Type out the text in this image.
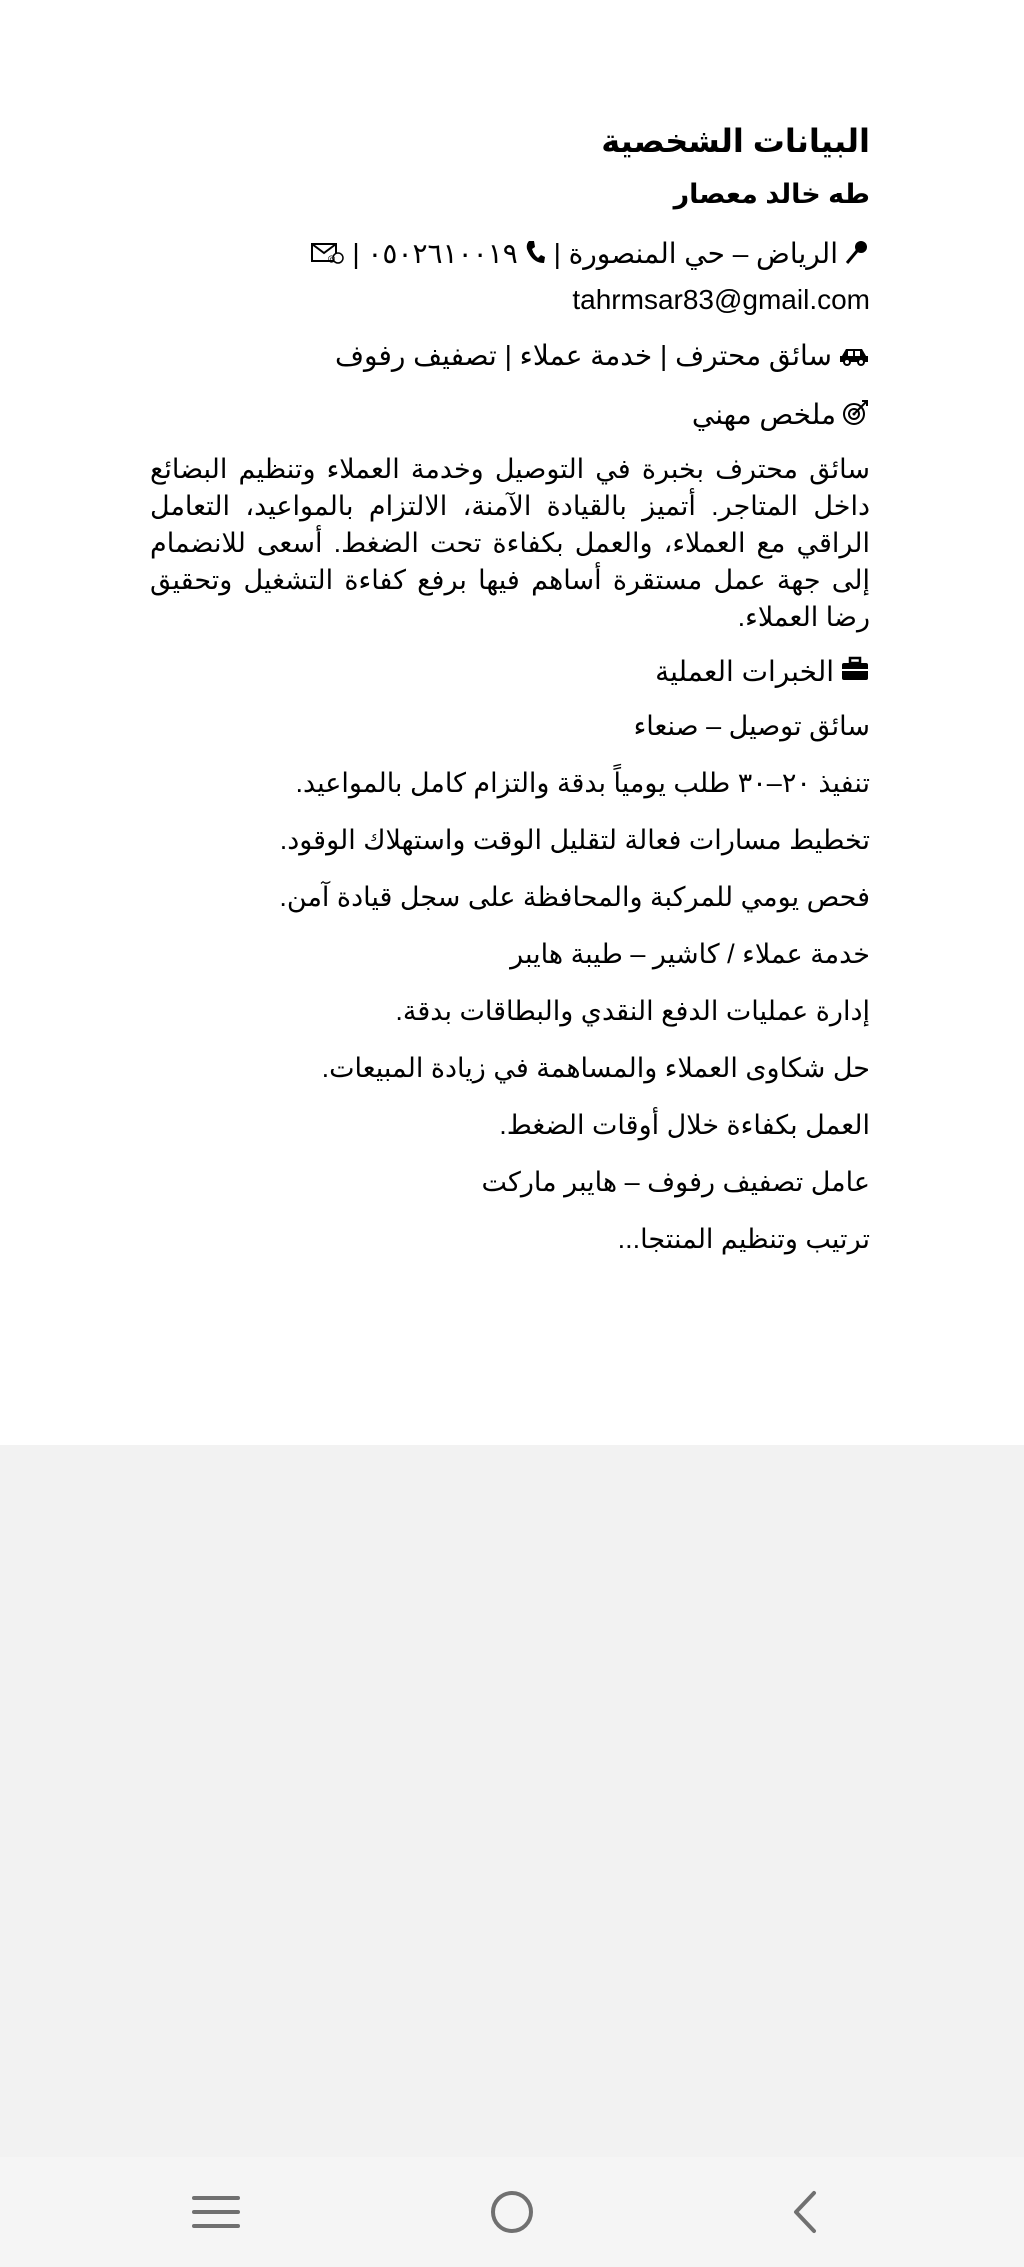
البيانات الشخصية
طه خالد معصار
الرياض – حي المنصورة | ٠٥٠٢٦١٠٠١٩ |
@
tahrmsar83@gmail.com
سائق محترف | خدمة عملاء | تصفيف رفوف
ملخص مهني
سائق محترف بخبرة في التوصيل وخدمة العملاء وتنظيم البضائع داخل المتاجر. أتميز بالقيادة الآمنة، الالتزام بالمواعيد، التعامل الراقي مع العملاء، والعمل بكفاءة تحت الضغط. أسعى للانضمام إلى جهة عمل مستقرة أساهم فيها برفع كفاءة التشغيل وتحقيق رضا العملاء.
الخبرات العملية
سائق توصيل – صنعاء
تنفيذ ٢٠–٣٠ طلب يومياً بدقة والتزام كامل بالمواعيد.
تخطيط مسارات فعالة لتقليل الوقت واستهلاك الوقود.
فحص يومي للمركبة والمحافظة على سجل قيادة آمن.
خدمة عملاء / كاشير – طيبة هايبر
إدارة عمليات الدفع النقدي والبطاقات بدقة.
حل شكاوى العملاء والمساهمة في زيادة المبيعات.
العمل بكفاءة خلال أوقات الضغط.
عامل تصفيف رفوف – هايبر ماركت
ترتيب وتنظيم المنتجا...
